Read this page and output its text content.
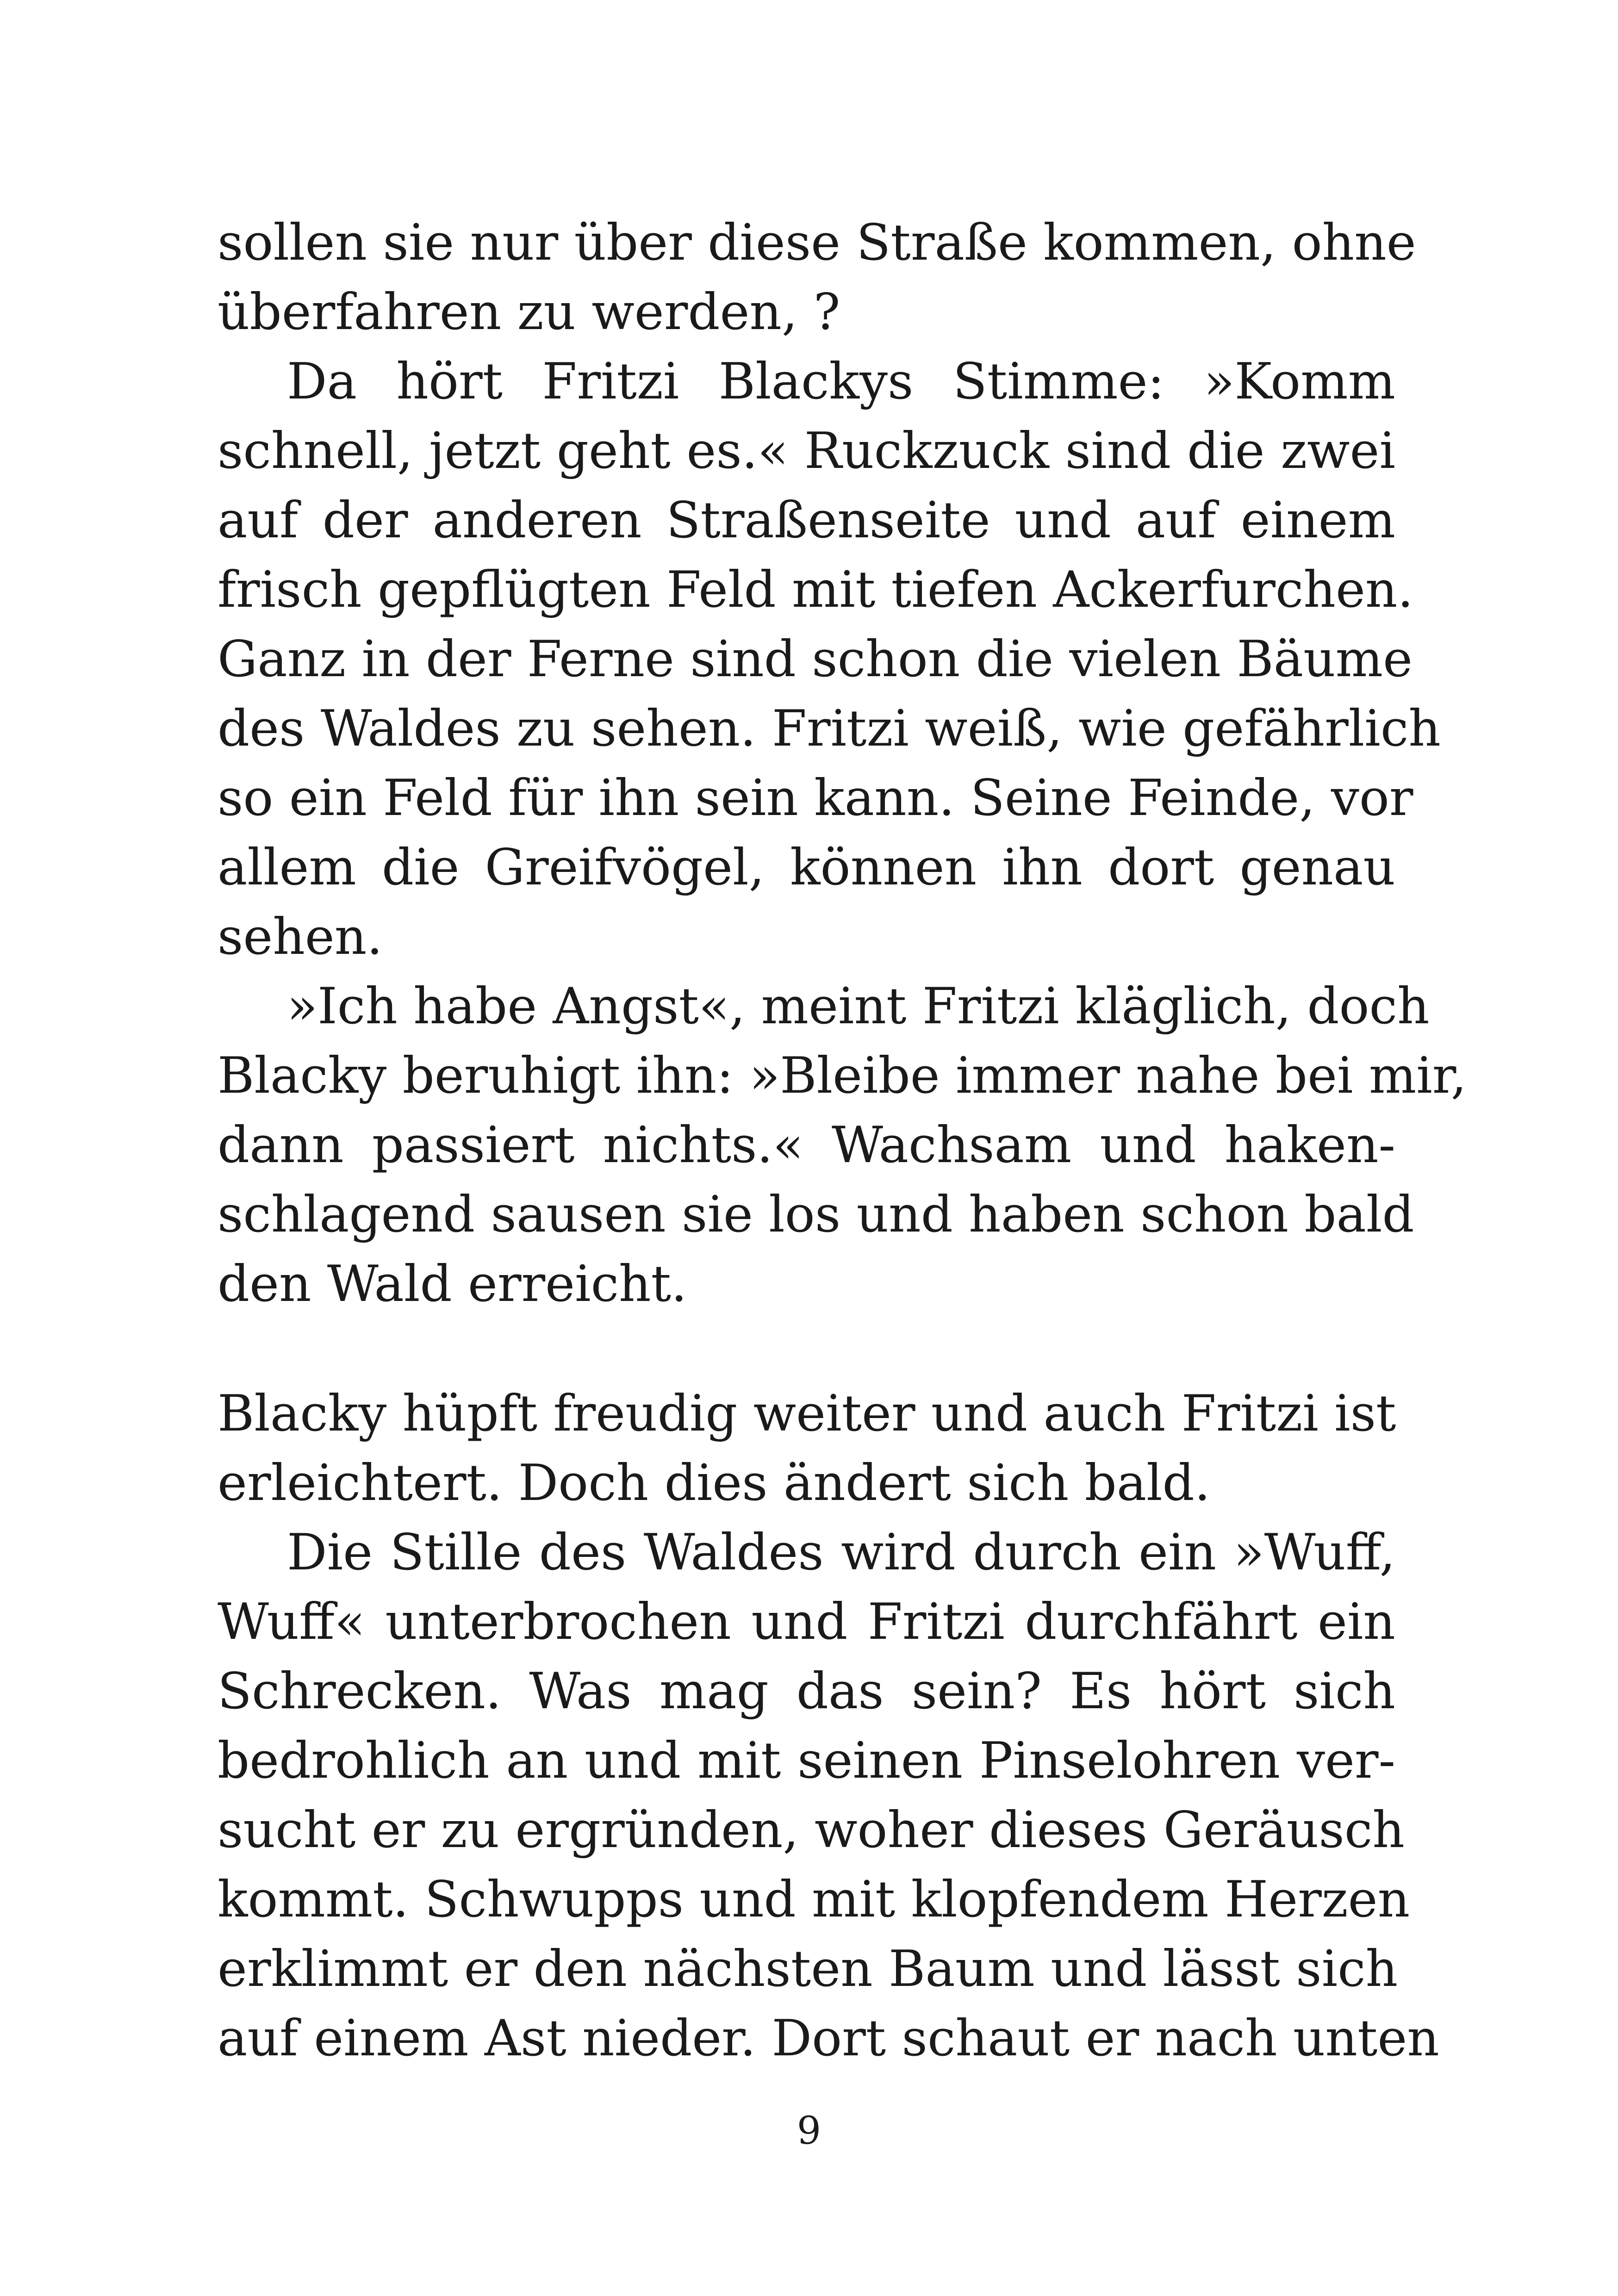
sollen sie nur über diese Straße kommen, ohne
überfahren zu werden, ?
Da hört Fritzi Blackys Stimme: »Komm
schnell, jetzt geht es.« Ruckzuck sind die zwei
auf der anderen Straßenseite und auf einem
frisch gepflügten Feld mit tiefen Ackerfurchen.
Ganz in der Ferne sind schon die vielen Bäume
des Waldes zu sehen. Fritzi weiß, wie gefährlich
so ein Feld für ihn sein kann. Seine Feinde, vor
allem die Greifvögel, können ihn dort genau
sehen.
»Ich habe Angst«, meint Fritzi kläglich, doch
Blacky beruhigt ihn: »Bleibe immer nahe bei mir,
dann passiert nichts.« Wachsam und haken-
schlagend sausen sie los und haben schon bald
den Wald erreicht.
Blacky hüpft freudig weiter und auch Fritzi ist
erleichtert. Doch dies ändert sich bald.
Die Stille des Waldes wird durch ein »Wuff,
Wuff« unterbrochen und Fritzi durchfährt ein
Schrecken. Was mag das sein? Es hört sich
bedrohlich an und mit seinen Pinselohren ver-
sucht er zu ergründen, woher dieses Geräusch
kommt. Schwupps und mit klopfendem Herzen
erklimmt er den nächsten Baum und lässt sich
auf einem Ast nieder. Dort schaut er nach unten
9
